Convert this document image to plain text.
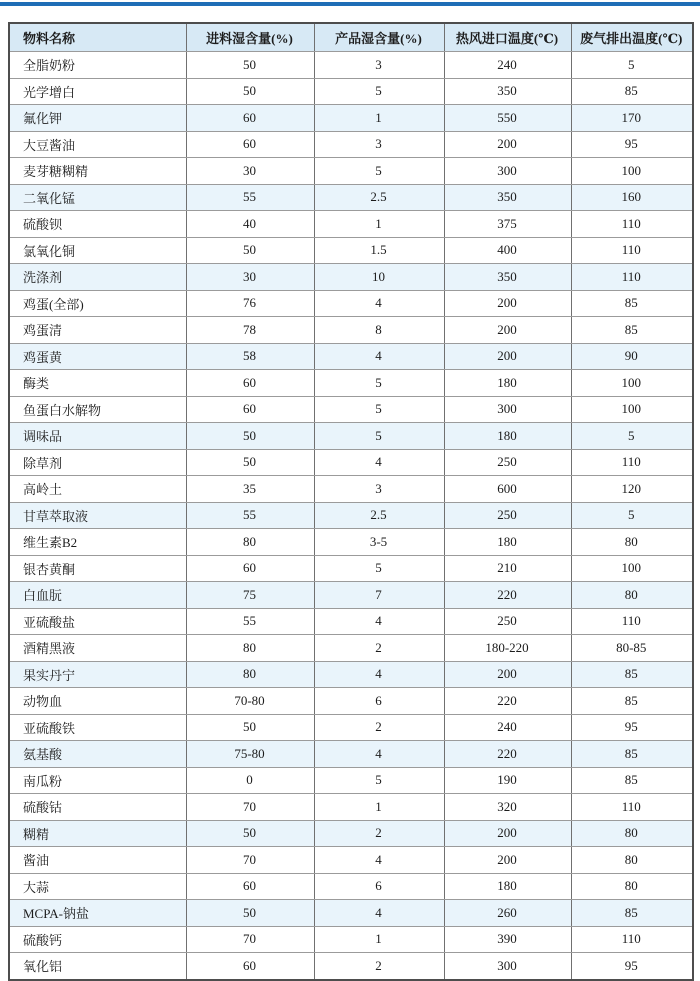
物料名称	进料湿含量(%)	产品湿含量(%)	热风进口温度(℃)	废气排出温度(℃)
全脂奶粉	50	3	240	5
光学增白	50	5	350	85
氟化钾	60	1	550	170
大豆酱油	60	3	200	95
麦芽糖糊精	30	5	300	100
二氧化锰	55	2.5	350	160
硫酸钡	40	1	375	110
氯氧化铜	50	1.5	400	110
洗涤剂	30	10	350	110
鸡蛋(全部)	76	4	200	85
鸡蛋清	78	8	200	85
鸡蛋黄	58	4	200	90
酶类	60	5	180	100
鱼蛋白水解物	60	5	300	100
调味品	50	5	180	5
除草剂	50	4	250	110
高岭土	35	3	600	120
甘草萃取液	55	2.5	250	5
维生素B2	80	3-5	180	80
银杏黄酮	60	5	210	100
白血朊	75	7	220	80
亚硫酸盐	55	4	250	110
酒精黑液	80	2	180-220	80-85
果实丹宁	80	4	200	85
动物血	70-80	6	220	85
亚硫酸铁	50	2	240	95
氨基酸	75-80	4	220	85
南瓜粉	0	5	190	85
硫酸钴	70	1	320	110
糊精	50	2	200	80
酱油	70	4	200	80
大蒜	60	6	180	80
MCPA-钠盐	50	4	260	85
硫酸钙	70	1	390	110
氧化铝	60	2	300	95
